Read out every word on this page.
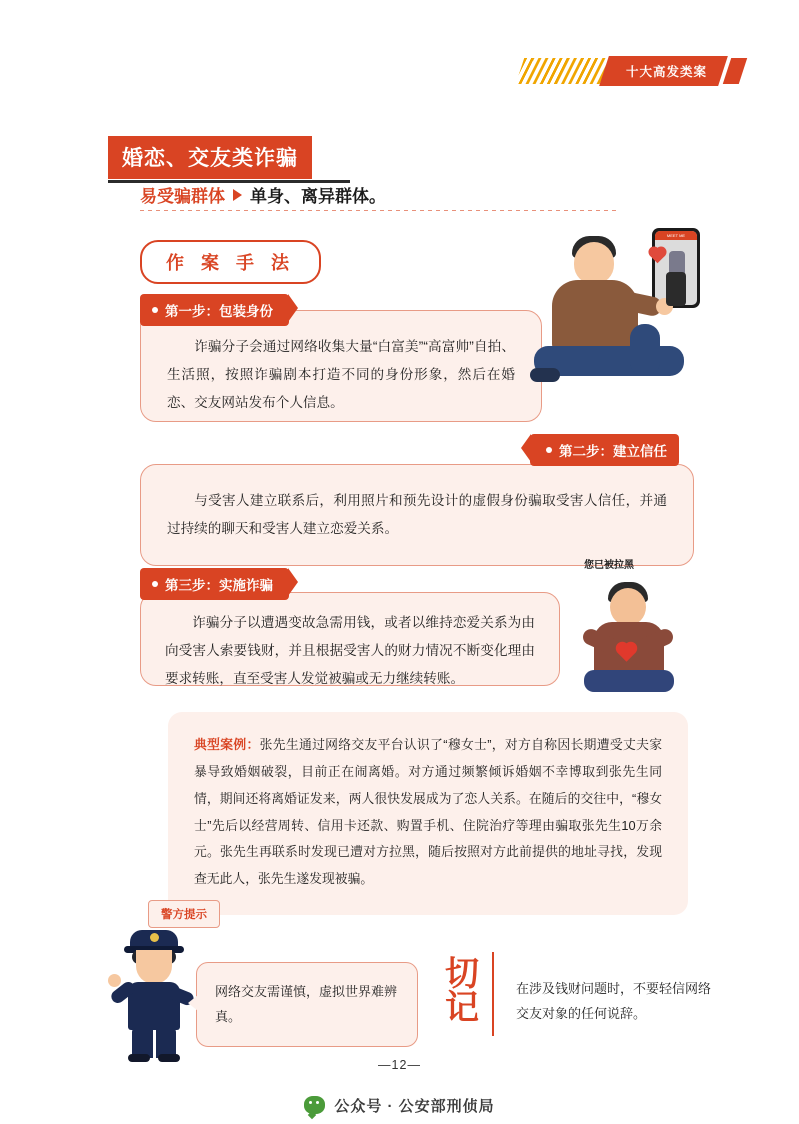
十大高发类案
婚恋、交友类诈骗
易受骗群体 单身、离异群体。
作 案 手 法
诈骗分子会通过网络收集大量“白富美”“高富帅”自拍、生活照，按照诈骗剧本打造不同的身份形象，然后在婚恋、交友网站发布个人信息。
第一步：包装身份
MEET ME
与受害人建立联系后，利用照片和预先设计的虚假身份骗取受害人信任，并通过持续的聊天和受害人建立恋爱关系。
第二步：建立信任
诈骗分子以遭遇变故急需用钱，或者以维持恋爱关系为由向受害人索要钱财，并且根据受害人的财力情况不断变化理由要求转账，直至受害人发觉被骗或无力继续转账。
第三步：实施诈骗
您已被拉黑
典型案例：张先生通过网络交友平台认识了“穆女士”，对方自称因长期遭受丈夫家暴导致婚姻破裂，目前正在闹离婚。对方通过频繁倾诉婚姻不幸博取到张先生同情，期间还将离婚证发来，两人很快发展成为了恋人关系。在随后的交往中，“穆女士”先后以经营周转、信用卡还款、购置手机、住院治疗等理由骗取张先生10万余元。张先生再联系时发现已遭对方拉黑，随后按照对方此前提供的地址寻找，发现查无此人，张先生遂发现被骗。
警方提示
网络交友需谨慎，虚拟世界难辨真。
切记
在涉及钱财问题时，不要轻信网络交友对象的任何说辞。
—12—
公众号 · 公安部刑侦局
